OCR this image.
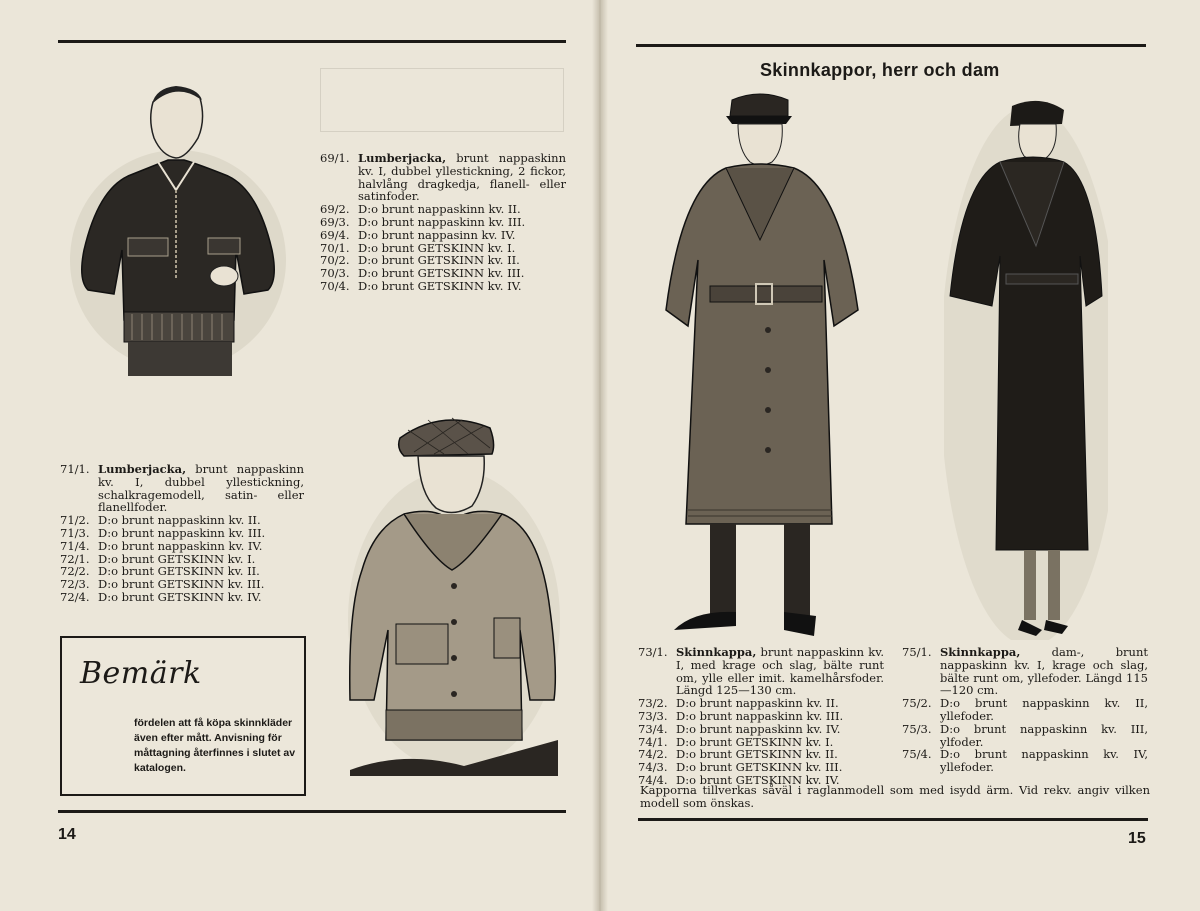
69/1. Lumberjacka, brunt nappaskinn kv. I, dubbel yllestickning, 2 fickor, halvlång dragkedja, flanell- eller satinfoder.
69/2. D:o brunt nappaskinn kv. II.
69/3. D:o brunt nappaskinn kv. III.
69/4. D:o brunt nappasinn kv. IV.
70/1. D:o brunt GETSKINN kv. I.
70/2. D:o brunt GETSKINN kv. II.
70/3. D:o brunt GETSKINN kv. III.
70/4. D:o brunt GETSKINN kv. IV.
71/1. Lumberjacka, brunt nappaskinn kv. I, dubbel yllestickning, schalkragemodell, satin- eller flanellfoder.
71/2. D:o brunt nappaskinn kv. II.
71/3. D:o brunt nappaskinn kv. III.
71/4. D:o brunt nappaskinn kv. IV.
72/1. D:o brunt GETSKINN kv. I.
72/2. D:o brunt GETSKINN kv. II.
72/3. D:o brunt GETSKINN kv. III.
72/4. D:o brunt GETSKINN kv. IV.
Bemärk
fördelen att få köpa skinnkläder även efter mått. Anvisning för måttagning återfinnes i slutet av katalogen.
14
Skinnkappor, herr och dam
73/1. Skinnkappa, brunt nappaskinn kv. I, med krage och slag, bälte runt om, ylle eller imit. kamelhårsfoder. Längd 125—130 cm.
73/2. D:o brunt nappaskinn kv. II.
73/3. D:o brunt nappaskinn kv. III.
73/4. D:o brunt nappaskinn kv. IV.
74/1. D:o brunt GETSKINN kv. I.
74/2. D:o brunt GETSKINN kv. II.
74/3. D:o brunt GETSKINN kv. III.
74/4. D:o brunt GETSKINN kv. IV.
75/1. Skinnkappa, dam-, brunt nappaskinn kv. I, krage och slag, bälte runt om, yllefoder. Längd 115—120 cm.
75/2. D:o brunt nappaskinn kv. II, yllefoder.
75/3. D:o brunt nappaskinn kv. III, ylfoder.
75/4. D:o brunt nappaskinn kv. IV, yllefoder.
Kapporna tillverkas såväl i raglanmodell som med isydd ärm. Vid rekv. angiv vilken modell som önskas.
15
